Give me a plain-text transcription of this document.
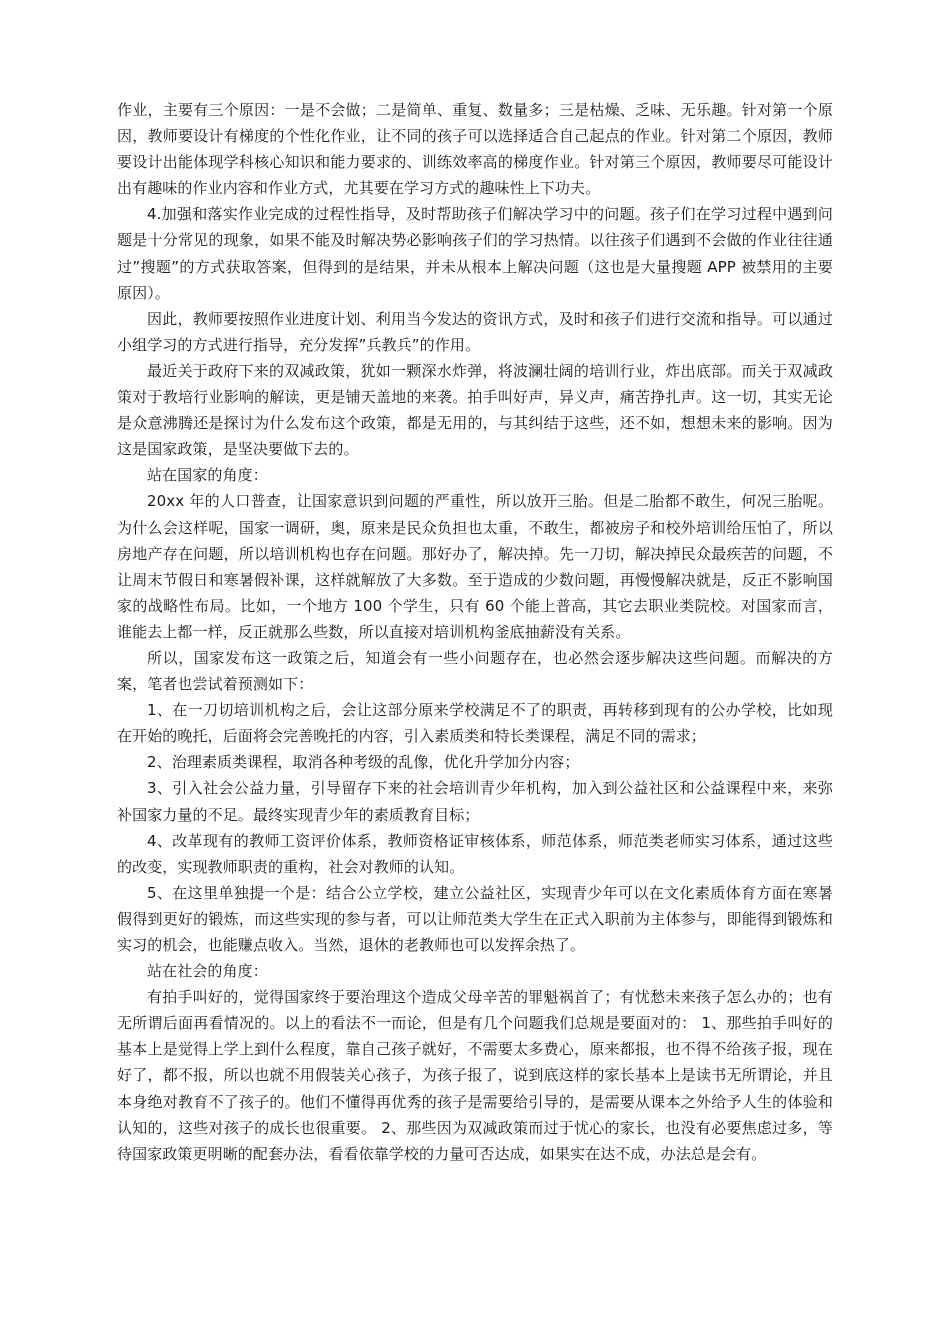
作业，主要有三个原因：一是不会做；二是简单、重复、数量多；三是枯燥、乏味、无乐趣。针对第一个原因，教师要设计有梯度的个性化作业，让不同的孩子可以选择适合自己起点的作业。针对第二个原因，教师要设计出能体现学科核心知识和能力要求的、训练效率高的梯度作业。针对第三个原因，教师要尽可能设计出有趣味的作业内容和作业方式，尤其要在学习方式的趣味性上下功夫。

4.加强和落实作业完成的过程性指导，及时帮助孩子们解决学习中的问题。孩子们在学习过程中遇到问题是十分常见的现象，如果不能及时解决势必影响孩子们的学习热情。以往孩子们遇到不会做的作业往往通过”搜题”的方式获取答案，但得到的是结果，并未从根本上解决问题（这也是大量搜题 APP 被禁用的主要原因）。

因此，教师要按照作业进度计划、利用当今发达的资讯方式，及时和孩子们进行交流和指导。可以通过小组学习的方式进行指导，充分发挥”兵教兵”的作用。

最近关于政府下来的双减政策，犹如一颗深水炸弹，将波澜壮阔的培训行业，炸出底部。而关于双减政策对于教培行业影响的解读，更是铺天盖地的来袭。拍手叫好声，异义声，痛苦挣扎声。这一切，其实无论是众意沸腾还是探讨为什么发布这个政策，都是无用的，与其纠结于这些，还不如，想想未来的影响。因为这是国家政策，是坚决要做下去的。

站在国家的角度：

20xx 年的人口普查，让国家意识到问题的严重性，所以放开三胎。但是二胎都不敢生，何况三胎呢。为什么会这样呢，国家一调研，奥，原来是民众负担也太重，不敢生，都被房子和校外培训给压怕了，所以房地产存在问题，所以培训机构也存在问题。那好办了，解决掉。先一刀切，解决掉民众最疾苦的问题，不让周末节假日和寒暑假补课，这样就解放了大多数。至于造成的少数问题，再慢慢解决就是，反正不影响国家的战略性布局。比如，一个地方 100 个学生，只有 60 个能上普高，其它去职业类院校。对国家而言，谁能去上都一样，反正就那么些数，所以直接对培训机构釜底抽薪没有关系。

所以，国家发布这一政策之后，知道会有一些小问题存在，也必然会逐步解决这些问题。而解决的方案，笔者也尝试着预测如下：

1、在一刀切培训机构之后，会让这部分原来学校满足不了的职责，再转移到现有的公办学校，比如现在开始的晚托，后面将会完善晚托的内容，引入素质类和特长类课程，满足不同的需求；

2、治理素质类课程，取消各种考级的乱像，优化升学加分内容；

3、引入社会公益力量，引导留存下来的社会培训青少年机构，加入到公益社区和公益课程中来，来弥补国家力量的不足。最终实现青少年的素质教育目标；

4、改革现有的教师工资评价体系，教师资格证审核体系，师范体系，师范类老师实习体系，通过这些的改变，实现教师职责的重构，社会对教师的认知。

5、在这里单独提一个是：结合公立学校，建立公益社区，实现青少年可以在文化素质体育方面在寒暑假得到更好的锻炼，而这些实现的参与者，可以让师范类大学生在正式入职前为主体参与，即能得到锻炼和实习的机会，也能赚点收入。当然，退休的老教师也可以发挥余热了。

站在社会的角度：

有拍手叫好的，觉得国家终于要治理这个造成父母辛苦的罪魁祸首了；有忧愁未来孩子怎么办的；也有无所谓后面再看情况的。以上的看法不一而论，但是有几个问题我们总规是要面对的： 1、那些拍手叫好的基本上是觉得上学上到什么程度，靠自己孩子就好，不需要太多费心，原来都报，也不得不给孩子报，现在好了，都不报，所以也就不用假装关心孩子，为孩子报了，说到底这样的家长基本上是读书无所谓论，并且本身绝对教育不了孩子的。他们不懂得再优秀的孩子是需要给引导的，是需要从课本之外给予人生的体验和认知的，这些对孩子的成长也很重要。 2、那些因为双减政策而过于忧心的家长，也没有必要焦虑过多，等待国家政策更明晰的配套办法，看看依靠学校的力量可否达成，如果实在达不成，办法总是会有。
